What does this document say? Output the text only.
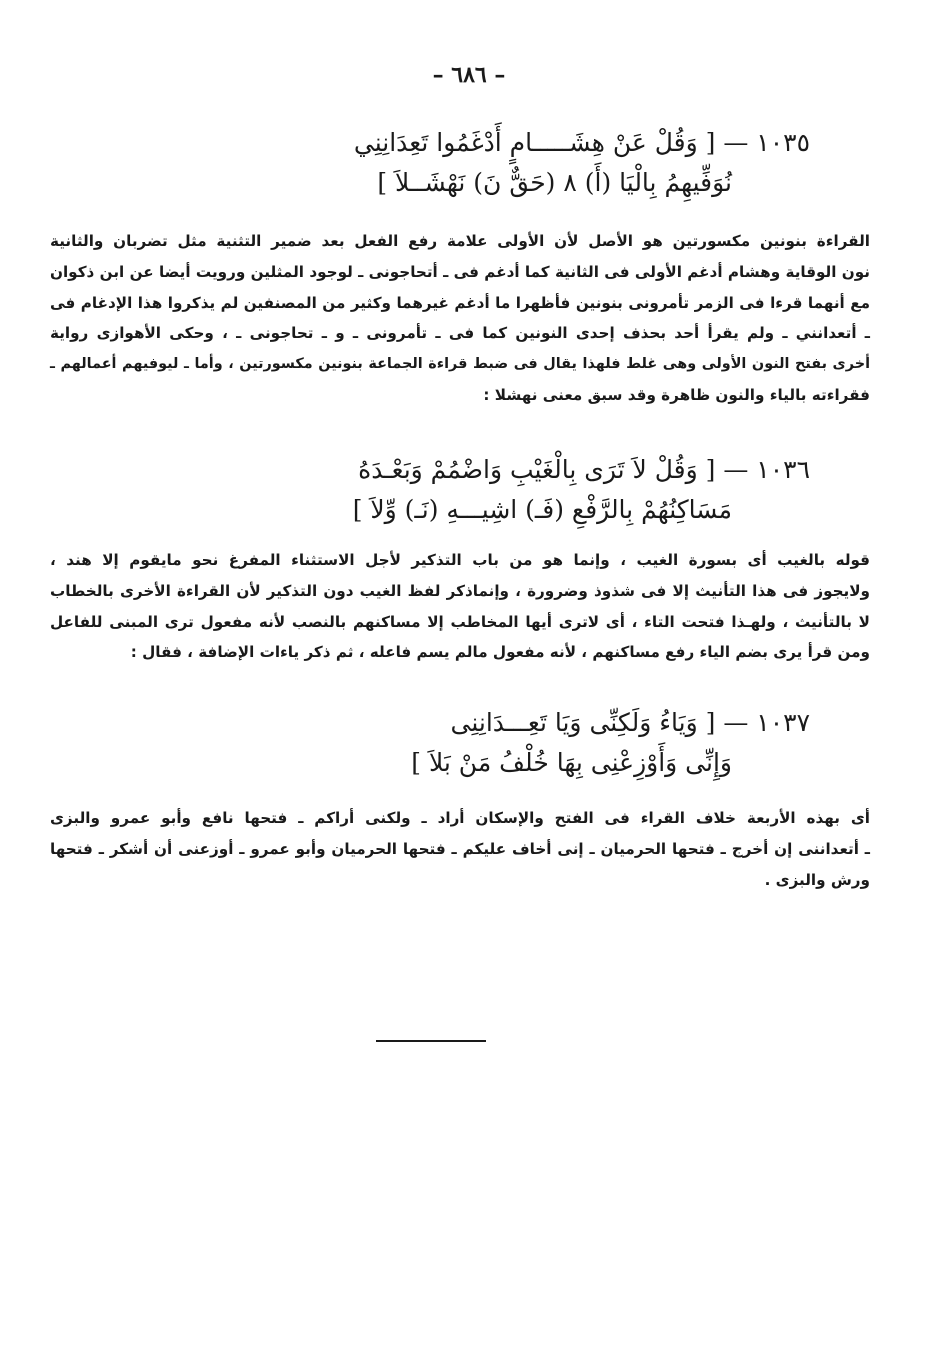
– ٦٨٦ –
١٠٣٥ — [ وَقُلْ عَنْ هِشَـــــامٍ أَدْغَمُوا تَعِدَانِنِي
نُوَفِّيهِمُ بِالْيَا (أَ) ٨ (حَقٌّ نَ) نَهْشَــلاَ ]
القراءة بنونين مكسورتين هو الأصل لأن الأولى علامة رفع الفعل بعد ضمير التثنية مثل تضربان والثانية
نون الوقاية وهشام أدغم الأولى فى الثانية كما أدغم فى ـ أتحاجونى ـ لوجود المثلين ورويت أيضا عن ابن ذكوان
مع أنهما قرءا فى الزمر تأمرونى بنونين فأظهرا ما أدغم غيرهما وكثير من المصنفين لم يذكروا هذا الإدغام فى
ـ أتعدانني ـ ولم يقرأ أحد بحذف إحدى النونين كما فى ـ تأمرونى ـ و ـ تحاجونى ـ ، وحكى الأهوازى رواية
أخرى بفتح النون الأولى وهى غلط فلهذا يقال فى ضبط قراءة الجماعة بنونين مكسورتين ، وأما ـ ليوفيهم أعمالهم ـ
فقراءته بالياء والنون ظاهرة وقد سبق معنى نهشلا :
١٠٣٦ — [ وَقُلْ لاَ تَرَى بِالْغَيْبِ وَاضْمُمْ وَبَعْـدَهُ
مَسَاكِنُهُمْ بِالرَّفْعِ (فَـ) اشِيـــهِ (نَـ) وِّلاَ ]
قوله بالغيب أى بسورة الغيب ، وإنما هو من باب التذكير لأجل الاستثناء المفرغ نحو مايقوم إلا هند ،
ولايجوز فى هذا التأنيث إلا فى شذوذ وضرورة ، وإنماذكر لفظ الغيب دون التذكير لأن القراءة الأخرى بالخطاب
لا بالتأنيث ، ولهـذا فتحت التاء ، أى لاترى أيها المخاطب إلا مساكنهم بالنصب لأنه مفعول ترى المبنى للفاعل
ومن قرأ يرى بضم الياء رفع مساكنهم ، لأنه مفعول مالم يسم فاعله ، ثم ذكر ياءات الإضافة ، فقال :
١٠٣٧ — [ وَيَاءُ وَلَكِنِّى وَيَا تَعِـــدَانِنِى
وَإِنِّى وَأَوْزِعْنِى بِهَا خُلْفُ مَنْ بَلاَ ]
أى بهذه الأربعة خلاف القراء فى الفتح والإسكان أراد ـ ولكنى أراكم ـ فتحها نافع وأبو عمرو والبزى
ـ أتعداننى إن أخرج ـ فتحها الحرميان ـ إنى أخاف عليكم ـ فتحها الحرميان وأبو عمرو ـ أوزعنى أن أشكر ـ فتحها
ورش والبزى .
